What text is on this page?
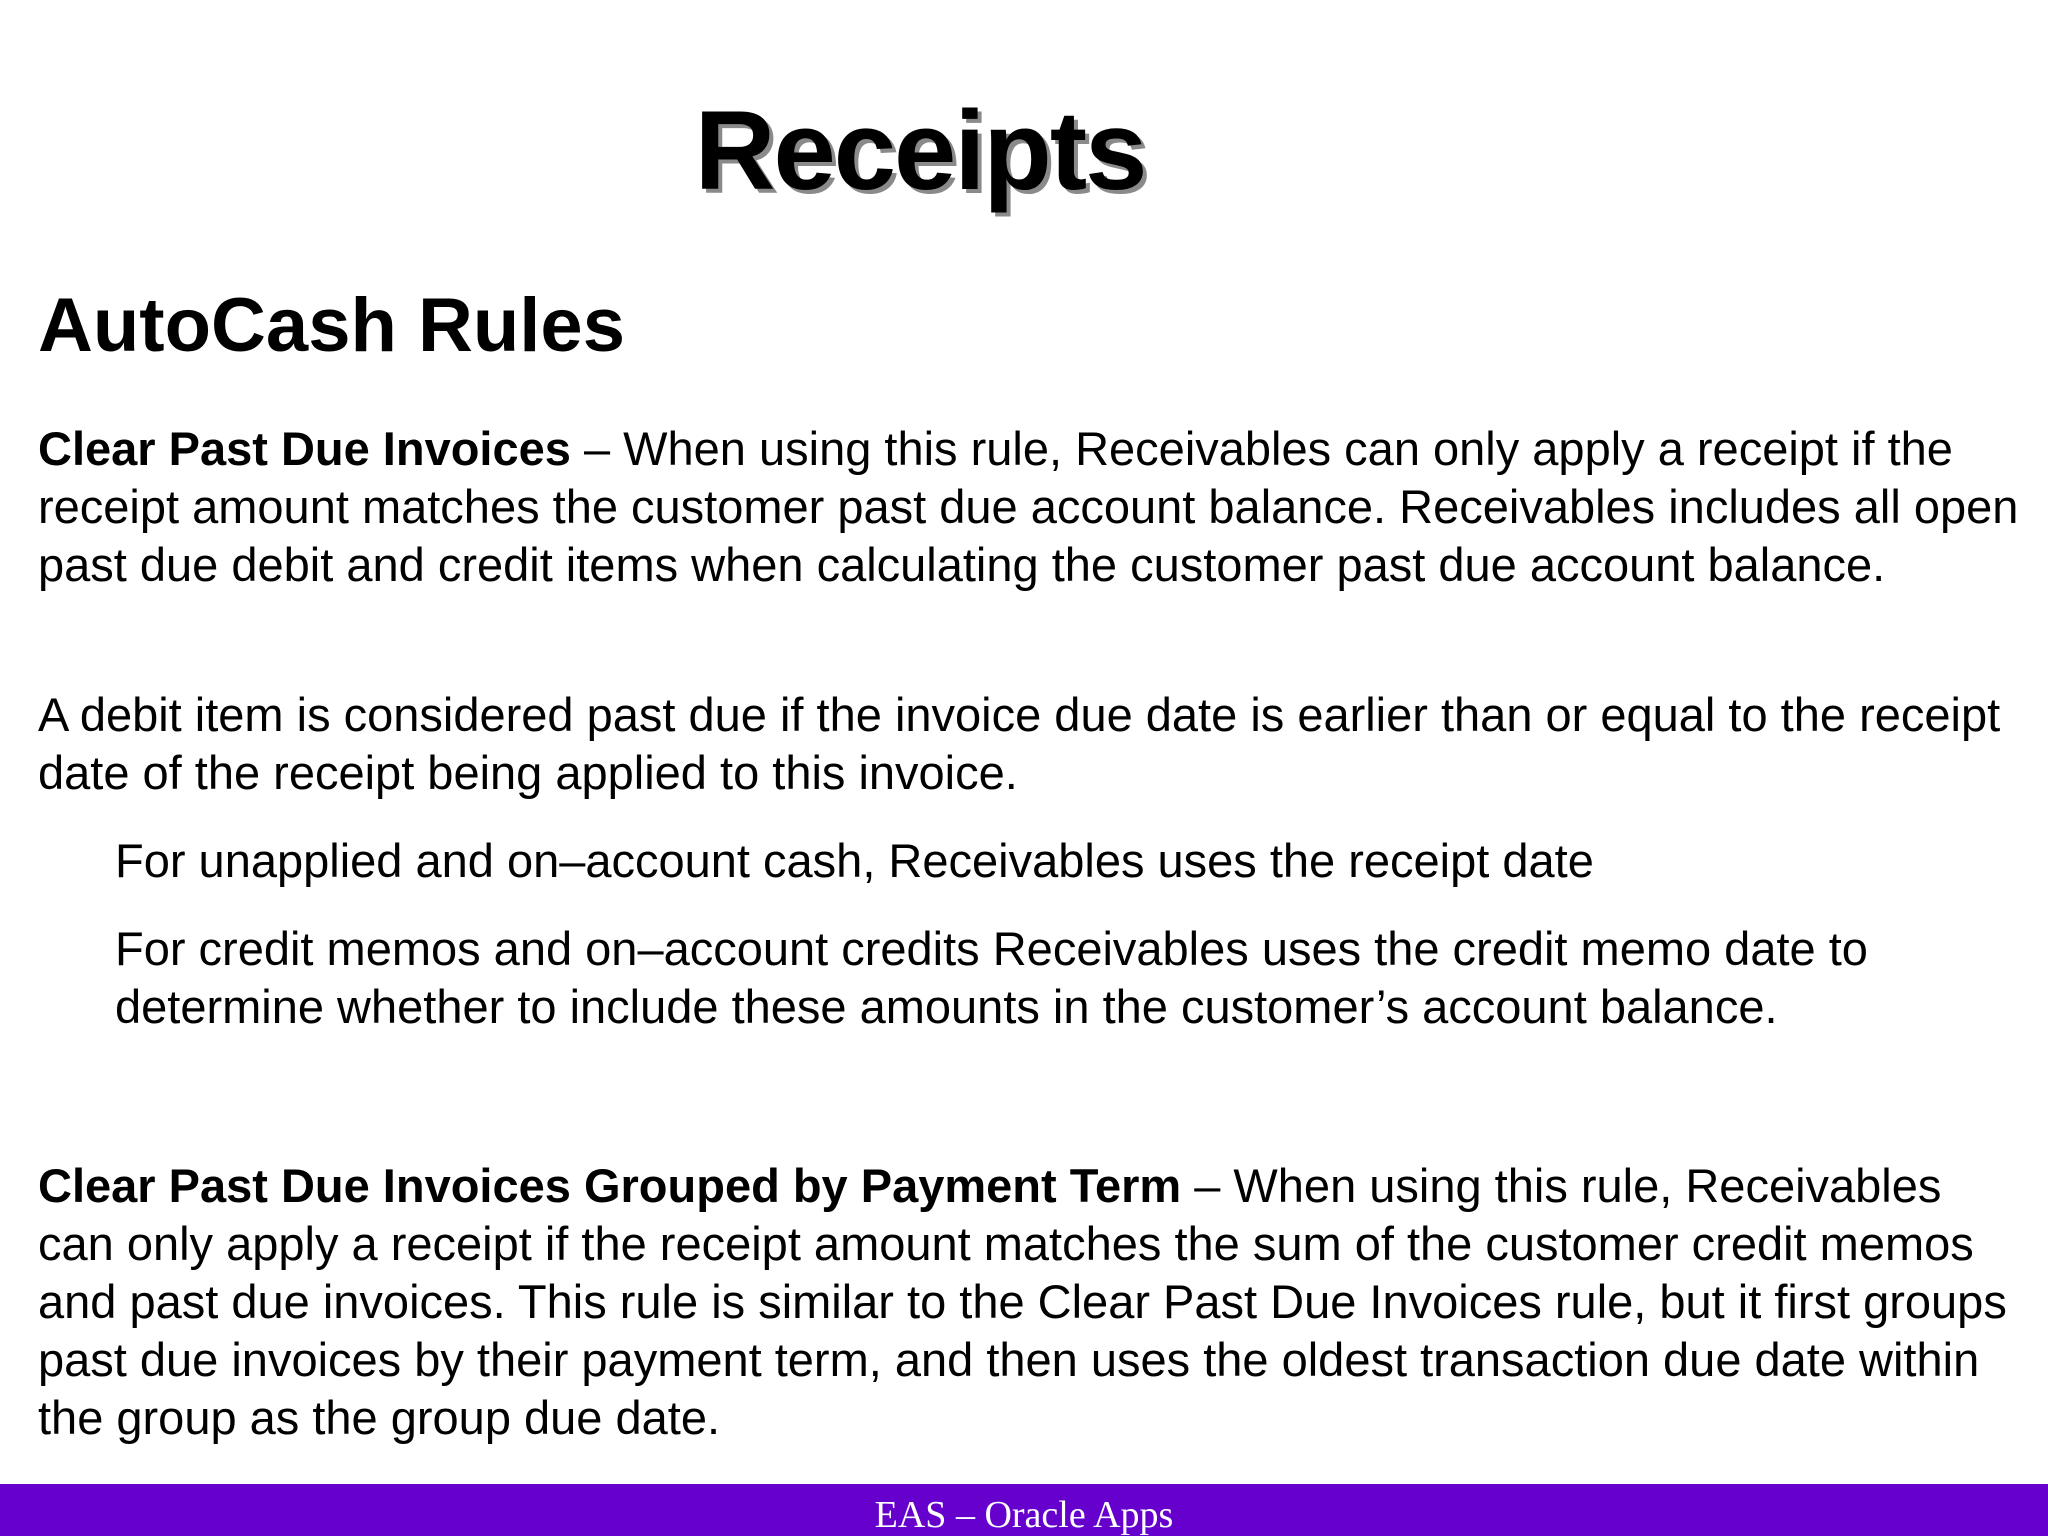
Receipts
AutoCash Rules

Clear Past Due Invoices – When using this rule, Receivables can only apply a receipt if the receipt amount matches the customer past due account balance. Receivables includes all open past due debit and credit items when calculating the customer past due account balance.

A debit item is considered past due if the invoice due date is earlier than or equal to the receipt date of the receipt being applied to this invoice.

For unapplied and on–account cash, Receivables uses the receipt date

For credit memos and on–account credits Receivables uses the credit memo date to determine whether to include these amounts in the customer’s account balance.

Clear Past Due Invoices Grouped by Payment Term – When using this rule, Receivables can only apply a receipt if the receipt amount matches the sum of the customer credit memos and past due invoices. This rule is similar to the Clear Past Due Invoices rule, but it first groups past due invoices by their payment term, and then uses the oldest transaction due date within the group as the group due date.

EAS – Oracle Apps
